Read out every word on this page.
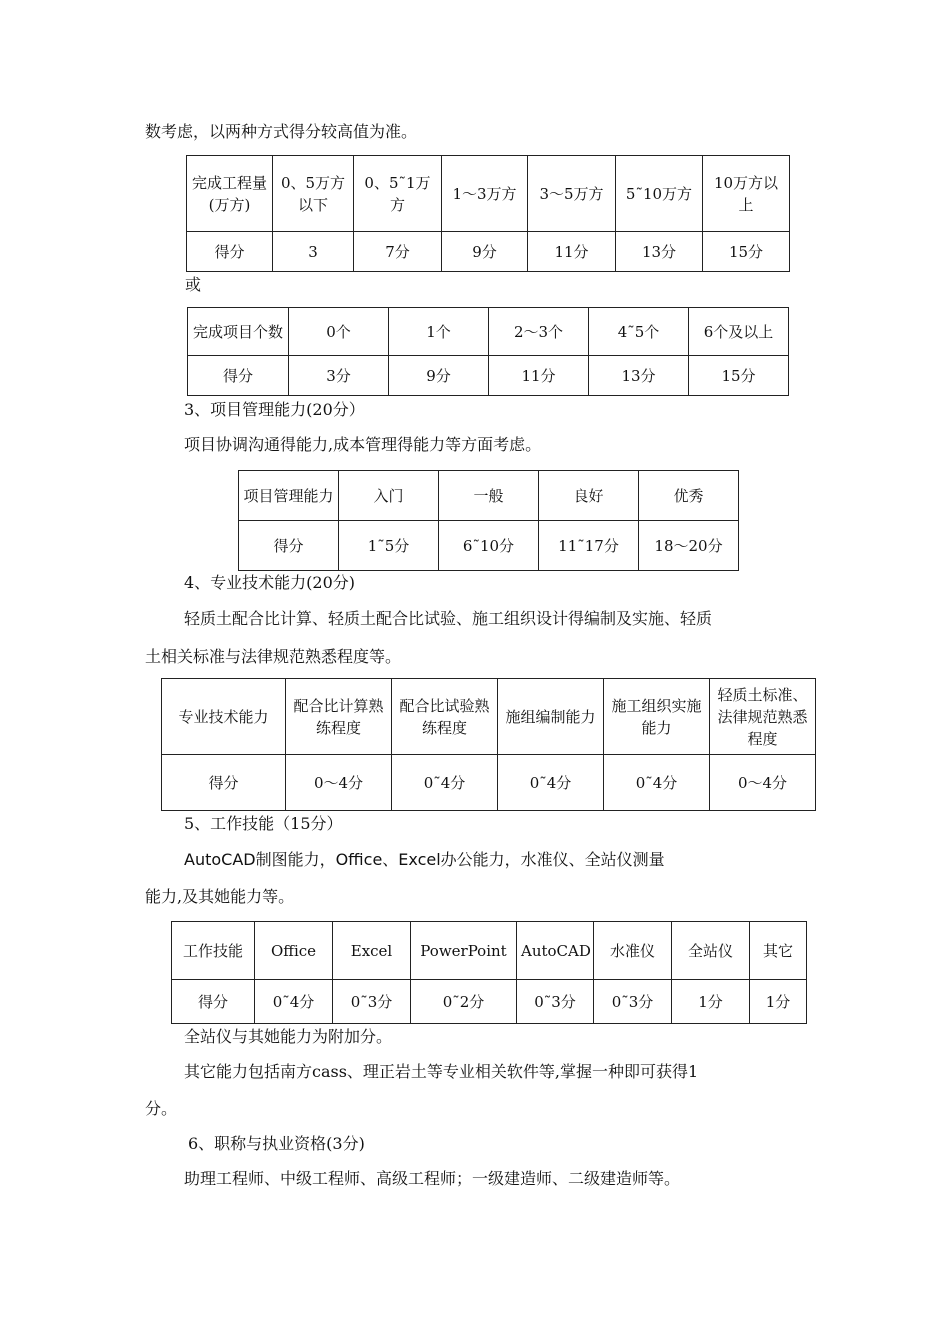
数考虑，以两种方式得分较高值为准。
完成工程量(万方)	0、5万方以下	0、5˜1万方	1～3万方	3～5万方	5˜10万方	10万方以上
得分	3	7分	9分	11分	13分	15分
或
完成项目个数	0个	1个	2～3个	4˜5个	6个及以上
得分	3分	9分	11分	13分	15分
3、项目管理能力(20分）
项目协调沟通得能力,成本管理得能力等方面考虑。
项目管理能力	入门	一般	良好	优秀
得分	1˜5分	6˜10分	11˜17分	18～20分
4、专业技术能力(20分)
轻质土配合比计算、轻质土配合比试验、施工组织设计得编制及实施、轻质
土相关标准与法律规范熟悉程度等。
专业技术能力	配合比计算熟练程度	配合比试验熟练程度	施组编制能力	施工组织实施能力	轻质土标准、法律规范熟悉程度
得分	0～4分	0˜4分	0˜4分	0˜4分	0～4分
5、工作技能（15分）
AutoCAD制图能力，Office、Excel办公能力，水准仪、全站仪测量
能力,及其她能力等。
工作技能	Office	Excel	PowerPoint	AutoCAD	水准仪	全站仪	其它
得分	0˜4分	0˜3分	0˜2分	0˜3分	0˜3分	1分	1分
全站仪与其她能力为附加分。
其它能力包括南方cass、理正岩土等专业相关软件等,掌握一种即可获得1
分。
6、职称与执业资格(3分)
助理工程师、中级工程师、高级工程师；一级建造师、二级建造师等。
